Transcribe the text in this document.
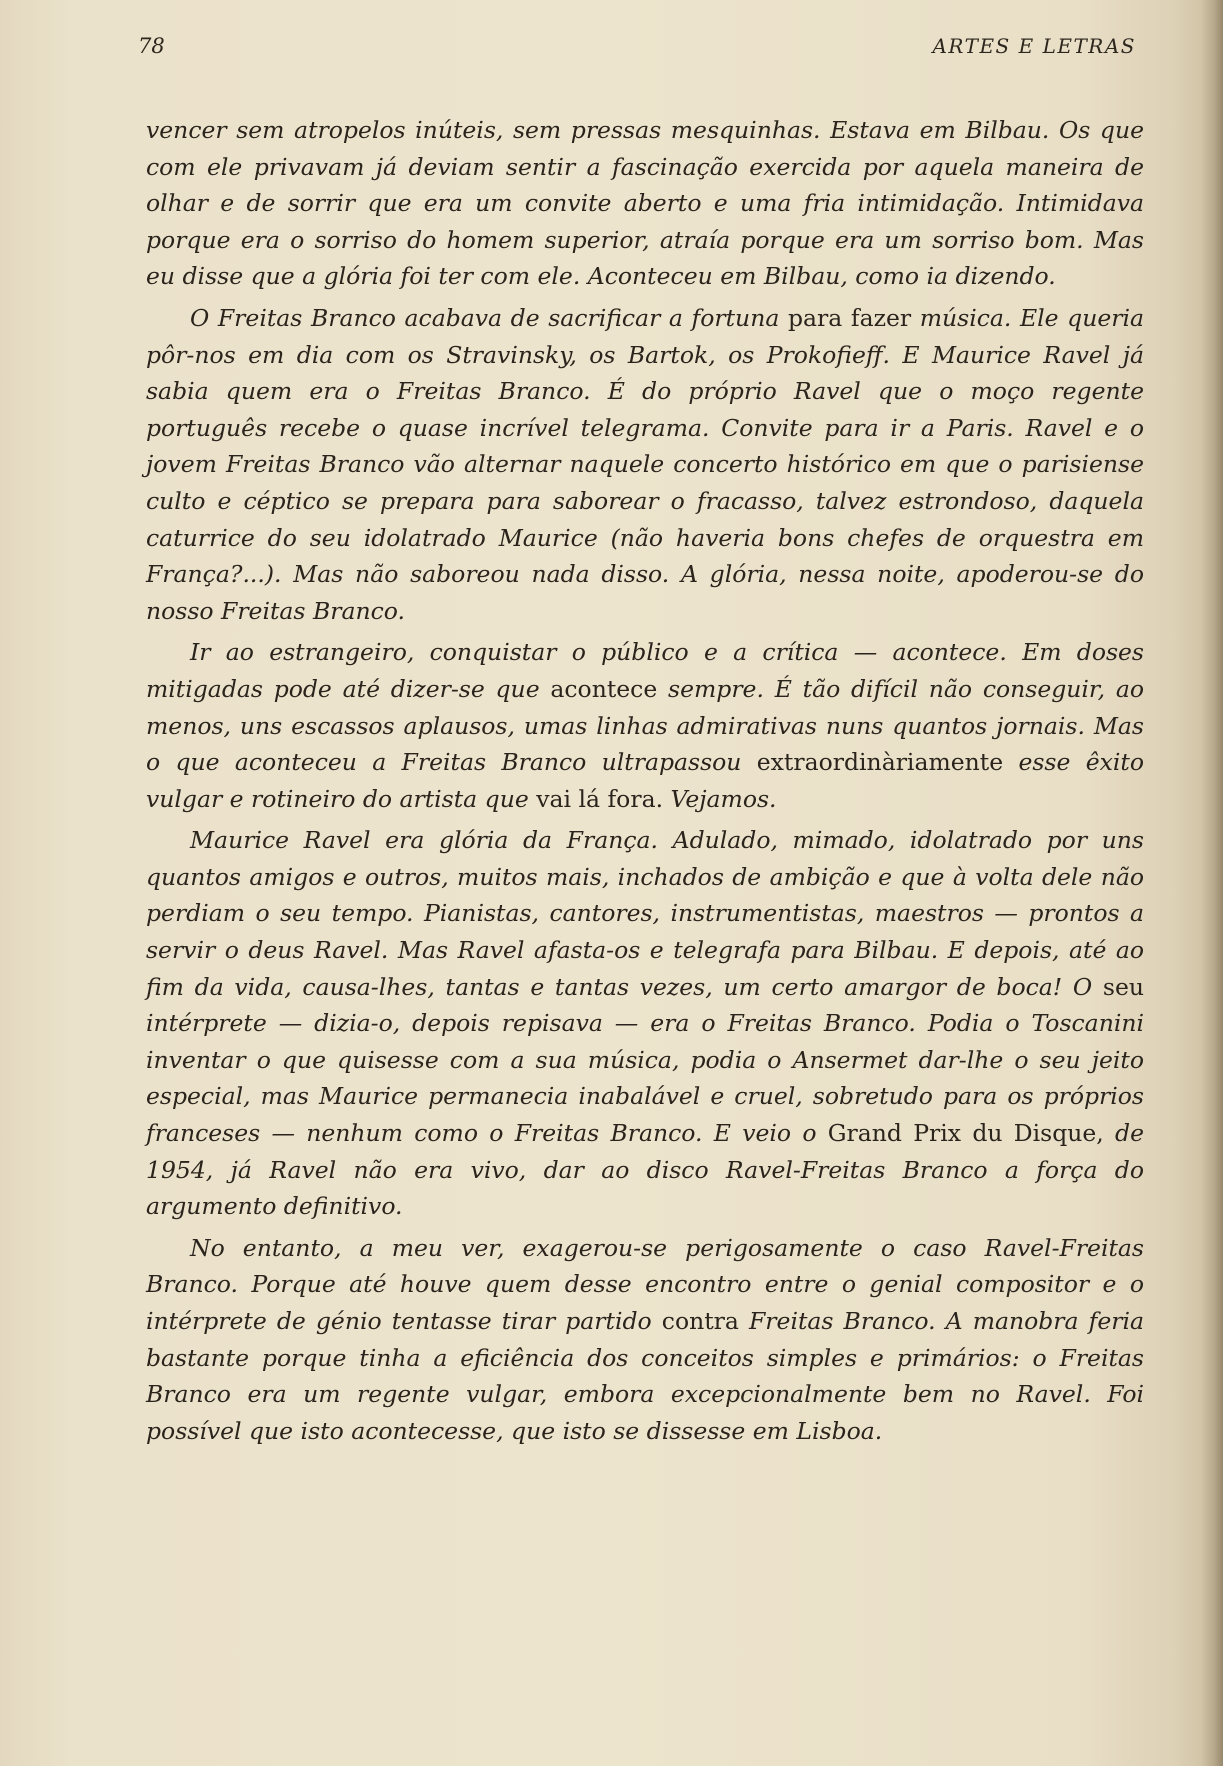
78	ARTES E LETRAS

vencer sem atropelos inúteis, sem pressas mesquinhas. Estava em Bilbau. Os que com ele privavam já deviam sentir a fascinação exercida por aquela maneira de olhar e de sorrir que era um convite aberto e uma fria intimidação. Intimidava porque era o sorriso do homem superior, atraía porque era um sorriso bom. Mas eu disse que a glória foi ter com ele. Aconteceu em Bilbau, como ia dizendo.

O Freitas Branco acabava de sacrificar a fortuna para fazer música. Ele queria pôr-nos em dia com os Stravinsky, os Bartok, os Prokofieff. E Maurice Ravel já sabia quem era o Freitas Branco. É do próprio Ravel que o moço regente português recebe o quase incrível telegrama. Convite para ir a Paris. Ravel e o jovem Freitas Branco vão alternar naquele concerto histórico em que o parisiense culto e céptico se prepara para saborear o fracasso, talvez estrondoso, daquela caturrice do seu idolatrado Maurice (não haveria bons chefes de orquestra em França?...). Mas não saboreou nada disso. A glória, nessa noite, apoderou-se do nosso Freitas Branco.

Ir ao estrangeiro, conquistar o público e a crítica — acontece. Em doses mitigadas pode até dizer-se que acontece sempre. É tão difícil não conseguir, ao menos, uns escassos aplausos, umas linhas admirativas nuns quantos jornais. Mas o que aconteceu a Freitas Branco ultrapassou extraordinàriamente esse êxito vulgar e rotineiro do artista que vai lá fora. Vejamos.

Maurice Ravel era glória da França. Adulado, mimado, idolatrado por uns quantos amigos e outros, muitos mais, inchados de ambição e que à volta dele não perdiam o seu tempo. Pianistas, cantores, instrumentistas, maestros — prontos a servir o deus Ravel. Mas Ravel afasta-os e telegrafa para Bilbau. E depois, até ao fim da vida, causa-lhes, tantas e tantas vezes, um certo amargor de boca! O seu intérprete — dizia-o, depois repisava — era o Freitas Branco. Podia o Toscanini inventar o que quisesse com a sua música, podia o Ansermet dar-lhe o seu jeito especial, mas Maurice permanecia inabalável e cruel, sobretudo para os próprios franceses — nenhum como o Freitas Branco. E veio o Grand Prix du Disque, de 1954, já Ravel não era vivo, dar ao disco Ravel-Freitas Branco a força do argumento definitivo.

No entanto, a meu ver, exagerou-se perigosamente o caso Ravel-Freitas Branco. Porque até houve quem desse encontro entre o genial compositor e o intérprete de génio tentasse tirar partido contra Freitas Branco. A manobra feria bastante porque tinha a eficiência dos conceitos simples e primários: o Freitas Branco era um regente vulgar, embora excepcionalmente bem no Ravel. Foi possível que isto acontecesse, que isto se dissesse em Lisboa.
